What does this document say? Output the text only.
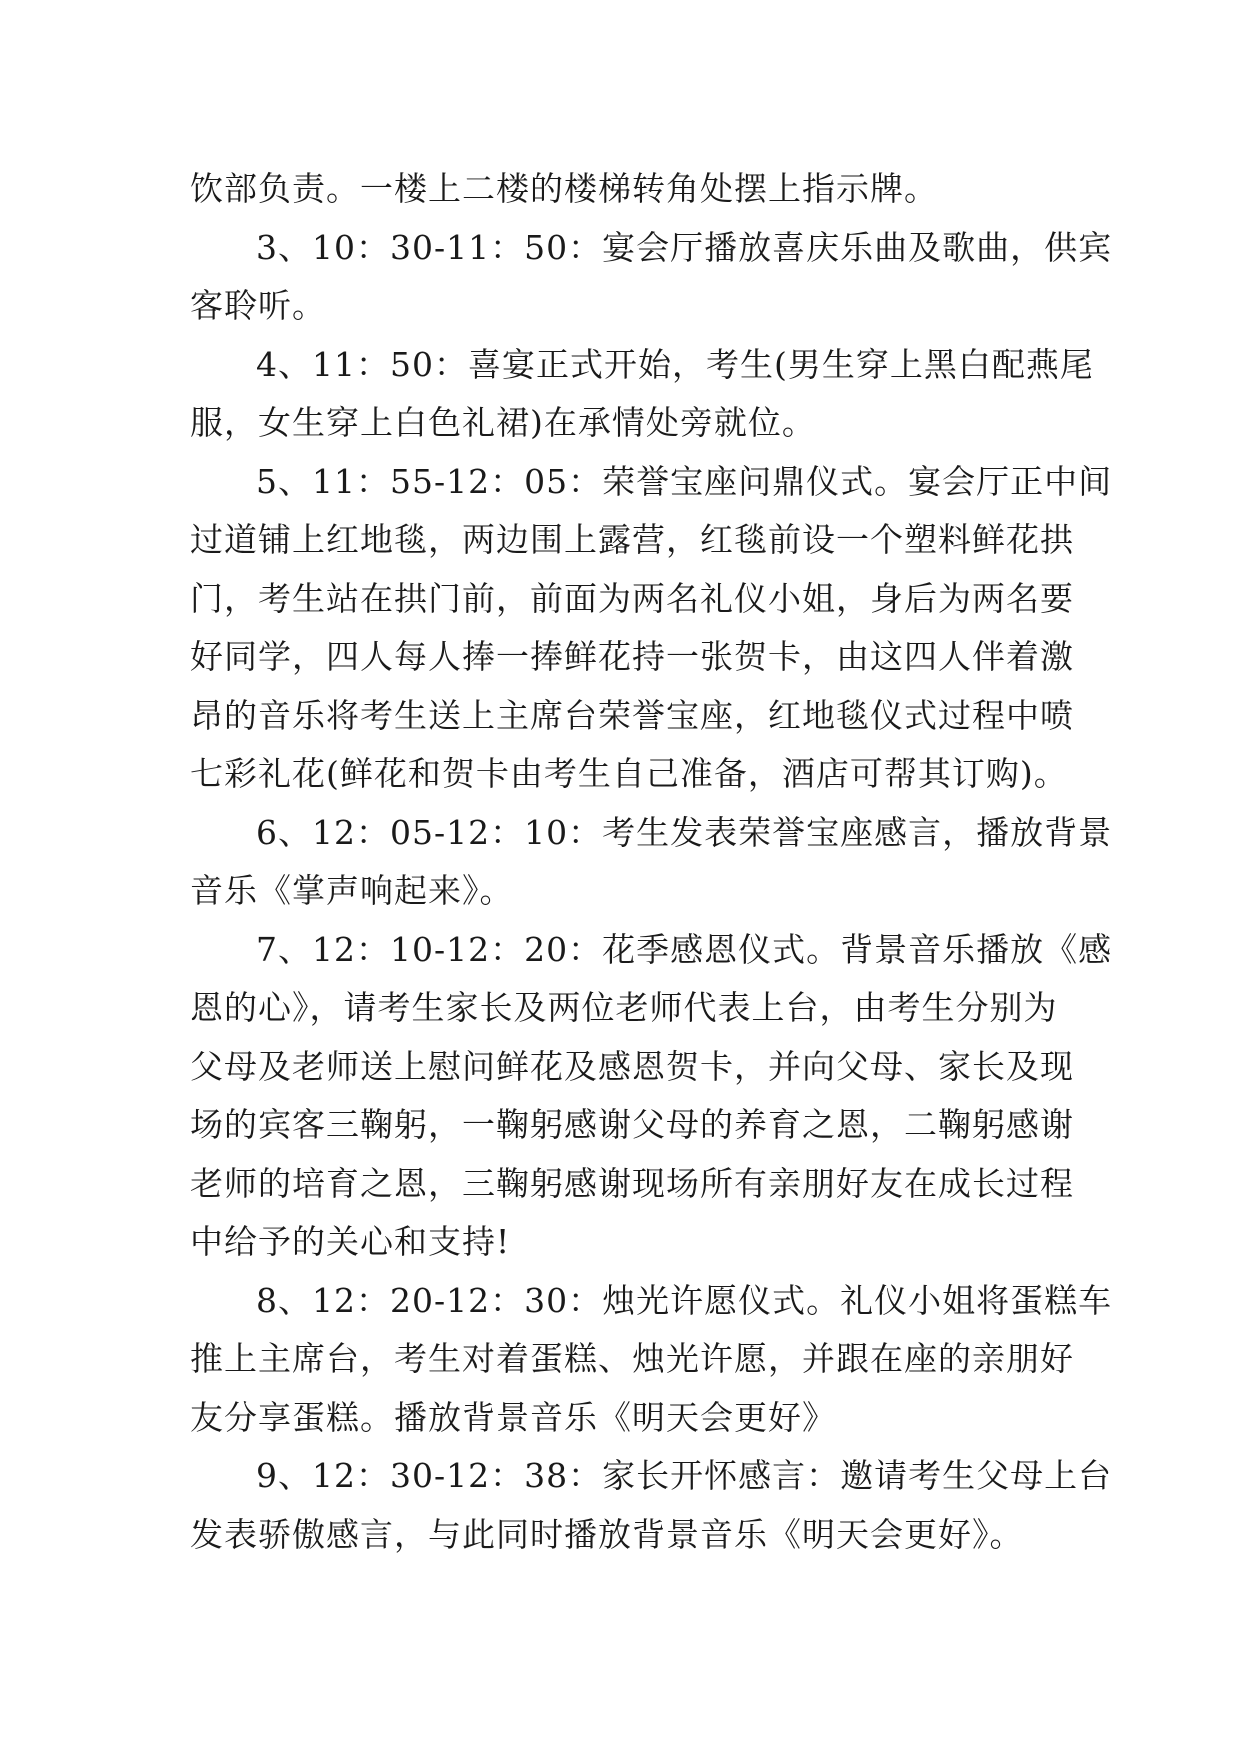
饮部负责。一楼上二楼的楼梯转角处摆上指示牌。
3、10：30-11：50：宴会厅播放喜庆乐曲及歌曲，供宾
客聆听。
4、11：50：喜宴正式开始，考生(男生穿上黑白配燕尾
服，女生穿上白色礼裙)在承情处旁就位。
5、11：55-12：05：荣誉宝座问鼎仪式。宴会厅正中间
过道铺上红地毯，两边围上露营，红毯前设一个塑料鲜花拱
门，考生站在拱门前，前面为两名礼仪小姐，身后为两名要
好同学，四人每人捧一捧鲜花持一张贺卡，由这四人伴着激
昂的音乐将考生送上主席台荣誉宝座，红地毯仪式过程中喷
七彩礼花(鲜花和贺卡由考生自己准备，酒店可帮其订购)。
6、12：05-12：10：考生发表荣誉宝座感言，播放背景
音乐《掌声响起来》。
7、12：10-12：20：花季感恩仪式。背景音乐播放《感
恩的心》，请考生家长及两位老师代表上台，由考生分别为
父母及老师送上慰问鲜花及感恩贺卡，并向父母、家长及现
场的宾客三鞠躬，一鞠躬感谢父母的养育之恩，二鞠躬感谢
老师的培育之恩，三鞠躬感谢现场所有亲朋好友在成长过程
中给予的关心和支持!
8、12：20-12：30：烛光许愿仪式。礼仪小姐将蛋糕车
推上主席台，考生对着蛋糕、烛光许愿，并跟在座的亲朋好
友分享蛋糕。播放背景音乐《明天会更好》
9、12：30-12：38：家长开怀感言：邀请考生父母上台
发表骄傲感言，与此同时播放背景音乐《明天会更好》。
